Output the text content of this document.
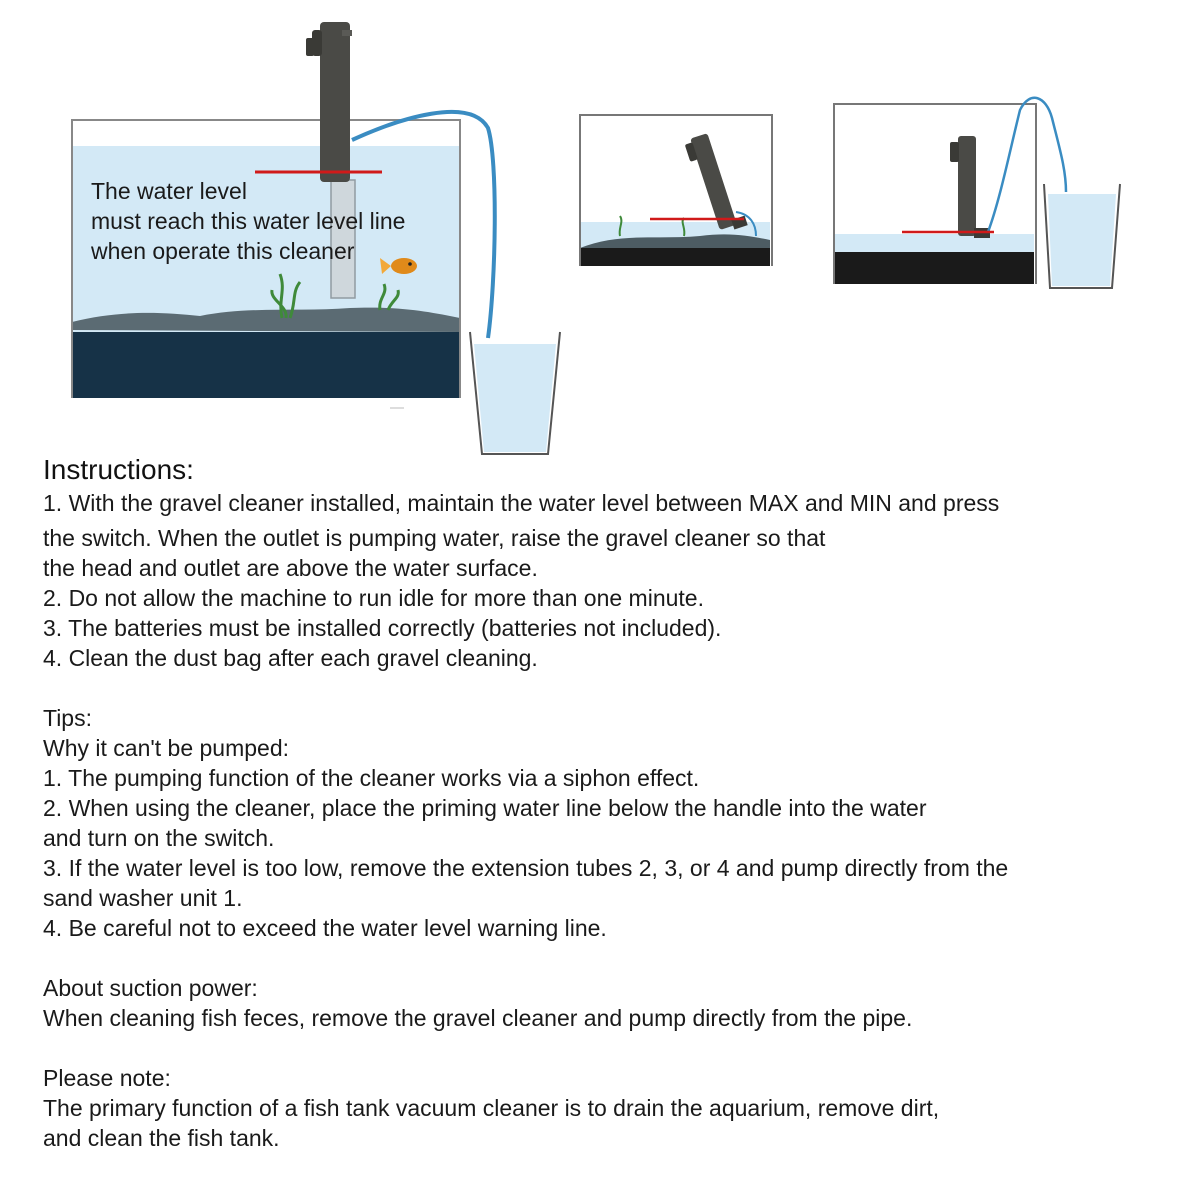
The water level
must reach this water level line
when operate this cleaner
Instructions:
1. With the gravel cleaner installed, maintain the water level between MAX and MIN and press
the switch. When the outlet is pumping water, raise the gravel cleaner so that
the head and outlet are above the water surface.
2. Do not allow the machine to run idle for more than one minute.
3. The batteries must be installed correctly (batteries not included).
4. Clean the dust bag after each gravel cleaning.
Tips:
Why it can't be pumped:
1. The pumping function of the cleaner works via a siphon effect.
2. When using the cleaner, place the priming water line below the handle into the water
and turn on the switch.
3. If the water level is too low, remove the extension tubes 2, 3, or 4 and pump directly from the
sand washer unit 1.
4. Be careful not to exceed the water level warning line.
About suction power:
When cleaning fish feces, remove the gravel cleaner and pump directly from the pipe.
Please note:
The primary function of a fish tank vacuum cleaner is to drain the aquarium, remove dirt,
and clean the fish tank.
